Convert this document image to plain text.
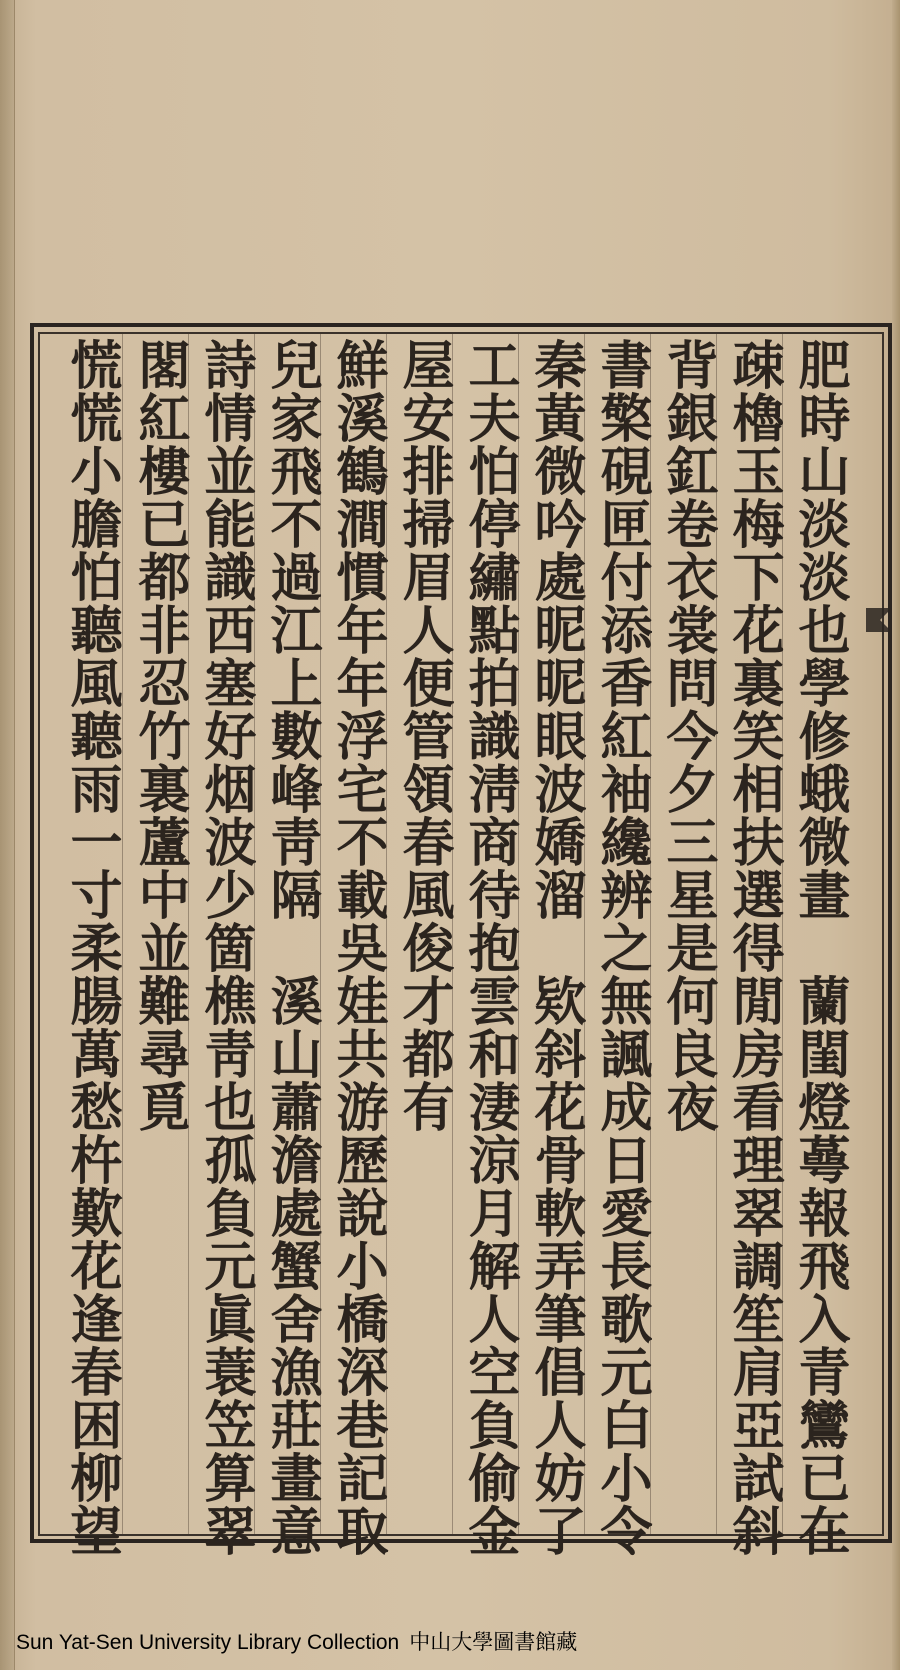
肥時山淡淡也學修蛾微畫　蘭閨燈蕚報飛入青鸞已在
疎櫓玉梅下花裏笑相扶選得閒房看理翠調笙肩亞試斜
背銀釭卷衣裳問今夕三星是何良夜
書檠硯匣付添香紅袖纔辨之無諷成日愛長歌元白小令
秦黃微吟處昵昵眼波嬌溜　欵斜花骨軟弄筆倡人妨了
工夫怕停繡點拍識淸商待抱雲和淒涼月解人空負偷金
屋安排掃眉人便管領春風俊才都有
鮮溪鶴澗慣年年浮宅不載吳娃共游歷說小橋深巷記取
兒家飛不過江上數峰靑隔　溪山蕭澹處蟹舍漁莊畫意
詩情並能識西塞好烟波少箇樵靑也孤負元眞蓑笠算翠
閣紅樓已都非忍竹裏蘆中並難尋覓
慌慌小膽怕聽風聽雨一寸柔腸萬愁杵歎花逢春困柳望
Sun Yat-Sen University Library Collection 中山大學圖書館藏
